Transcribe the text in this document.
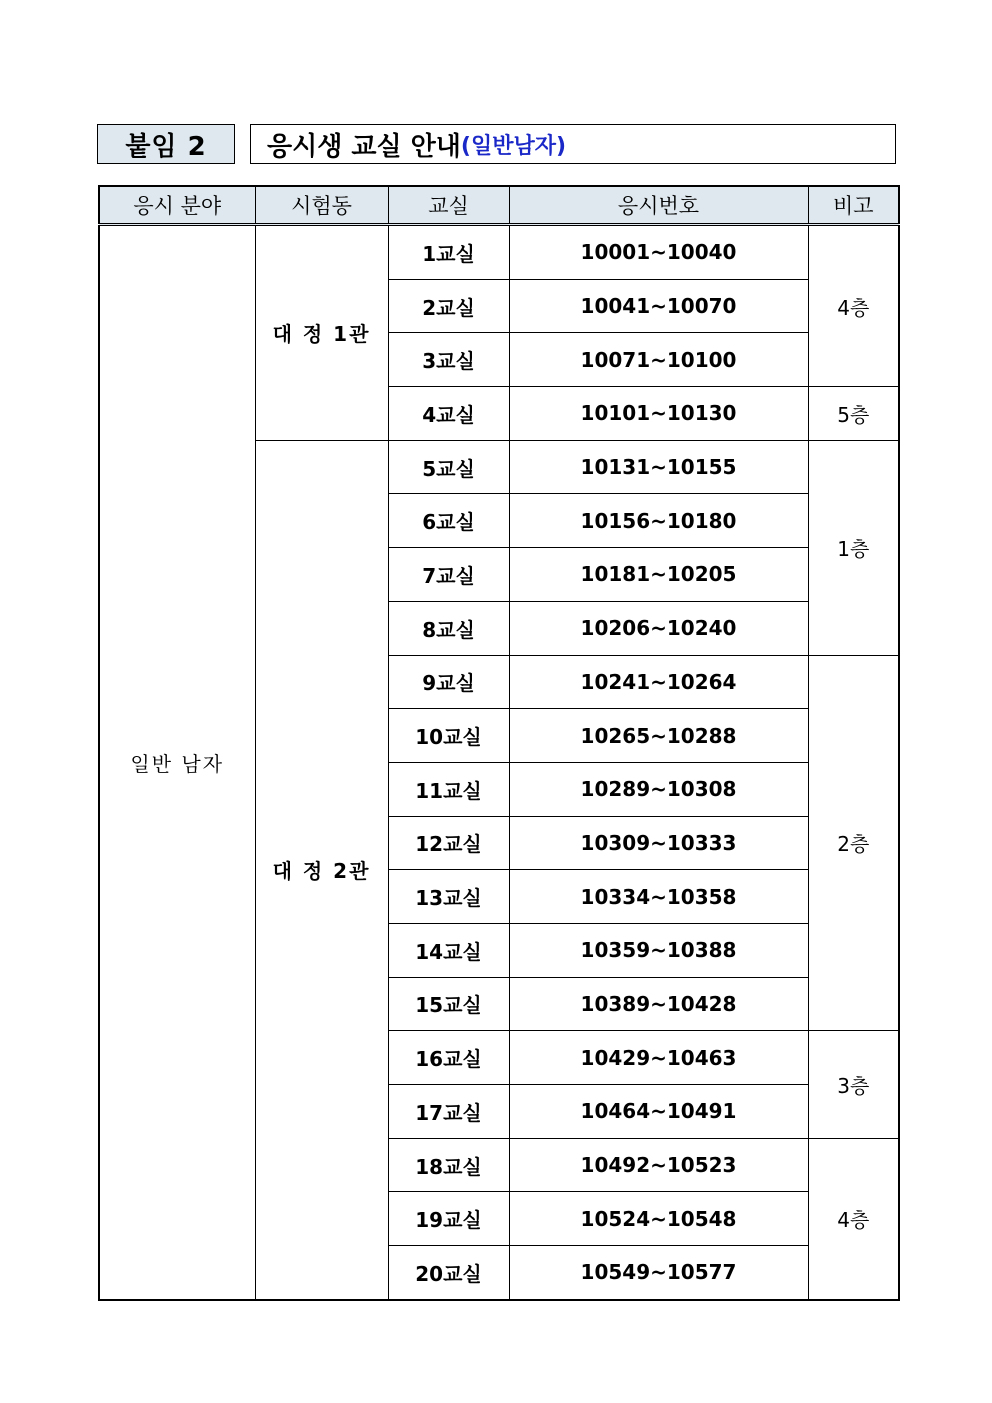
붙임 2	응시생 교실 안내 (일반남자)
응시 분야	시험동	교실	응시번호	비고
일반 남자	대 정 1관	1교실	10001~10040	4층
		2교실	10041~10070	
		3교실	10071~10100	
		4교실	10101~10130	5층
	대 정 2관	5교실	10131~10155	1층
		6교실	10156~10180	
		7교실	10181~10205	
		8교실	10206~10240	
		9교실	10241~10264	2층
		10교실	10265~10288	
		11교실	10289~10308	
		12교실	10309~10333	
		13교실	10334~10358	
		14교실	10359~10388	
		15교실	10389~10428	
		16교실	10429~10463	3층
		17교실	10464~10491	
		18교실	10492~10523	4층
		19교실	10524~10548	
		20교실	10549~10577	
